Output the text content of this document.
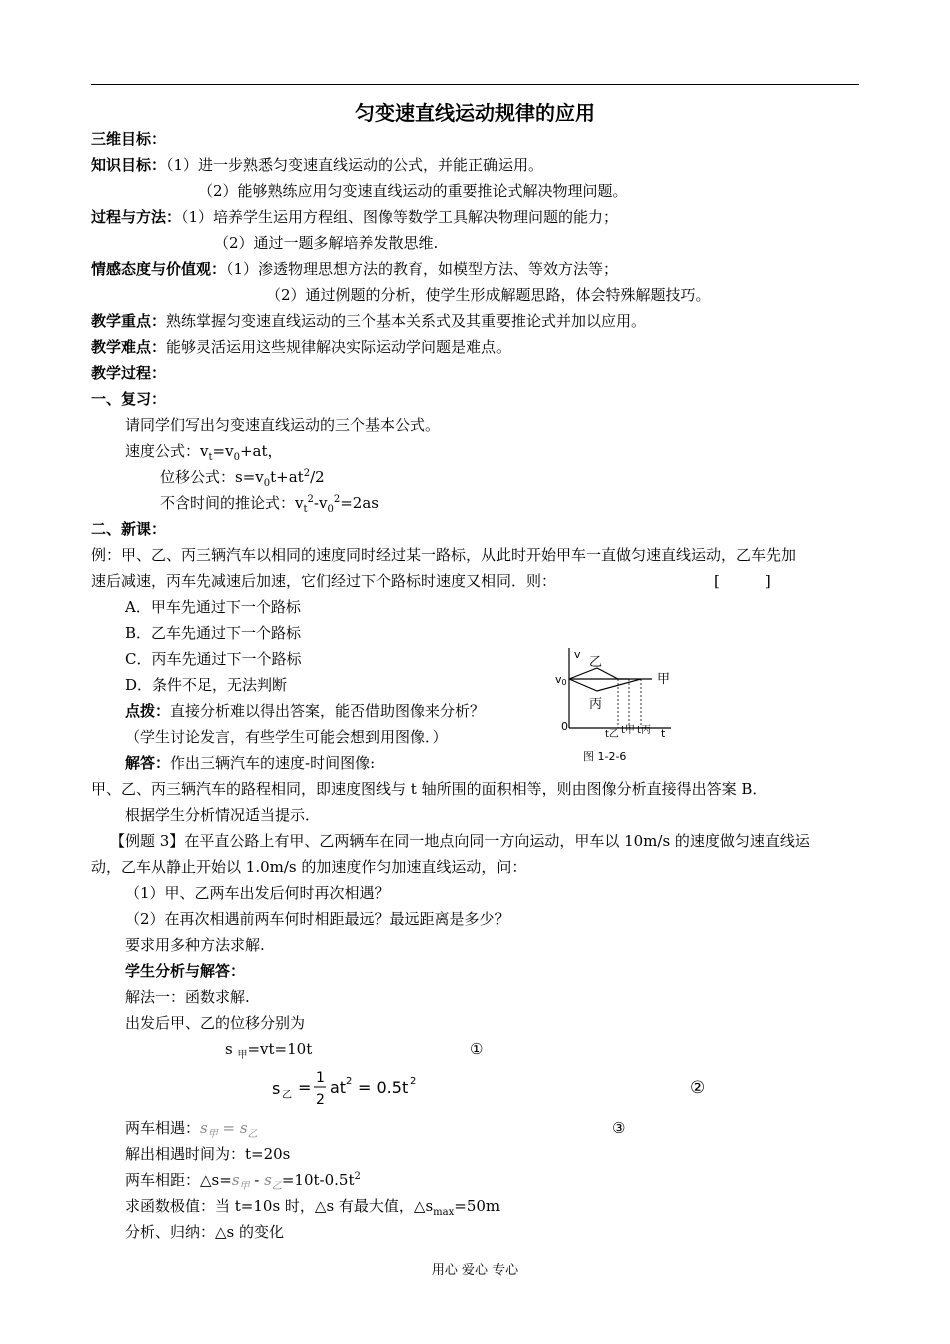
匀变速直线运动规律的应用
三维目标：
知识目标：（1）进一步熟悉匀变速直线运动的公式，并能正确运用。
（2）能够熟练应用匀变速直线运动的重要推论式解决物理问题。
过程与方法：（1）培养学生运用方程组、图像等数学工具解决物理问题的能力；
（2）通过一题多解培养发散思维.
情感态度与价值观：（1）渗透物理思想方法的教育，如模型方法、等效方法等；
（2）通过例题的分析，使学生形成解题思路，体会特殊解题技巧。
教学重点：熟练掌握匀变速直线运动的三个基本关系式及其重要推论式并加以应用。
教学难点：能够灵活运用这些规律解决实际运动学问题是难点。
教学过程：
一、复习：
请同学们写出匀变速直线运动的三个基本公式。
速度公式：$v_t=v_0+at$，
位移公式：$s=v_0t+at^2/2$
不含时间的推论式：$v_t^2-v_0^2=2as$
二、新课：
例：甲、乙、丙三辆汽车以相同的速度同时经过某一路标，从此时开始甲车一直做匀速直线运动，乙车先加
速后减速，丙车先减速后加速，它们经过下个路标时速度又相同．则：	[　　　]
A．甲车先通过下一个路标
B．乙车先通过下一个路标
C．丙车先通过下一个路标
D．条件不足，无法判断
点拨：直接分析难以得出答案，能否借助图像来分析？
（学生讨论发言，有些学生可能会想到用图像．）
解答：作出三辆汽车的速度-时间图像:
v
v0
乙
丙
甲
0
t
t乙 t甲 t丙
图 1-2-6
甲、乙、丙三辆汽车的路程相同，即速度图线与 t 轴所围的面积相等，则由图像分析直接得出答案 B．
根据学生分析情况适当提示．
【例题 3】在平直公路上有甲、乙两辆车在同一地点向同一方向运动，甲车以 10m/s 的速度做匀速直线运
动，乙车从静止开始以 1.0m/s 的加速度作匀加速直线运动，问：
（1）甲、乙两车出发后何时再次相遇？
（2）在再次相遇前两车何时相距最远？最远距离是多少？
要求用多种方法求解.
学生分析与解答：
解法一：函数求解.
出发后甲、乙的位移分别为
s $_甲$=vt=10t	①
s 乙 = 1
2
at 2 = 0.5t 2	②
两车相遇：$s_甲 = s_乙$	③
解出相遇时间为：t=20s
两车相距：$\triangle s=s_甲 - s_乙=10t-0.5t^2$
求函数极值：当 t=10s 时，△s 有最大值，$\triangle s_{max}=50m$
分析、归纳：△s 的变化
用心 爱心 专心
